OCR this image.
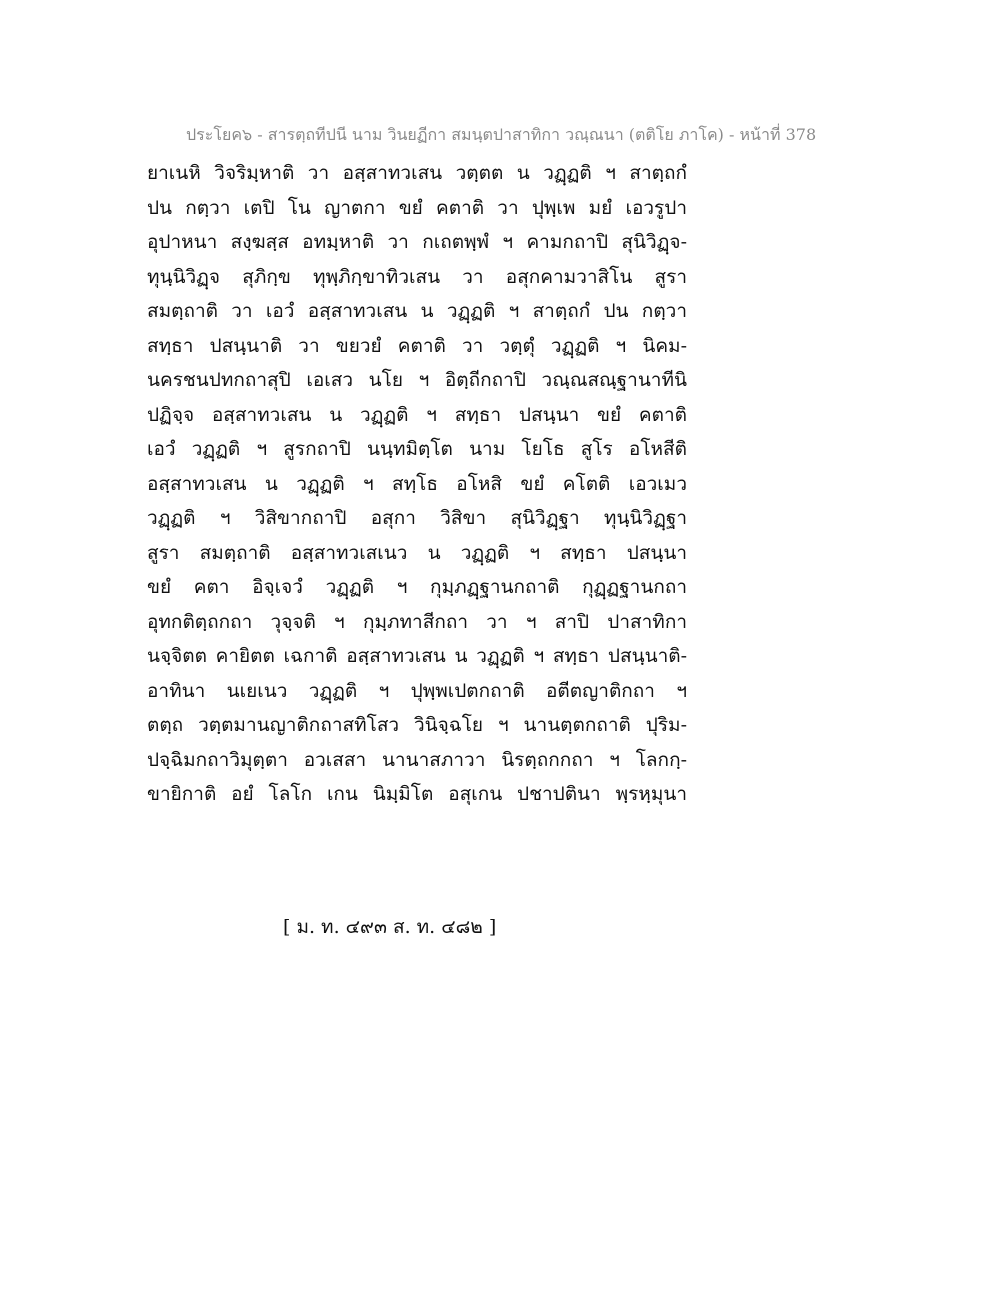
ประโยค๖ - สารตฺถทีปนี นาม วินยฏีกา สมนฺตปาสาทิกา วณฺณนา (ตติโย ภาโค) - หน้าที่ 378
ยาเนหิ วิจริมฺหาติ วา อสฺสาทวเสน วตฺตต น วฏฺฏติ ฯ สาตฺถกํ
ปน กตฺวา เตปิ โน ญาตกา ขยํ คตาติ วา ปุพฺเพ มยํ เอวรูปา
อุปาหนา สงฺฆสฺส อทมฺหาติ วา กเถตพฺพํ ฯ คามกถาปิ สุนิวิฏฺจ-
ทุนฺนิวิฏฺจ สุภิกฺข ทุพฺภิกฺขาทิวเสน วา อสุกคามวาสิโน สูรา
สมตฺถาติ วา เอวํ อสฺสาทวเสน น วฏฺฏติ ฯ สาตฺถกํ ปน กตฺวา
สทฺธา ปสนฺนาติ วา ขยวยํ คตาติ วา วตฺตุํ วฏฺฏติ ฯ นิคม-
นครชนปทกถาสุปิ เอเสว นโย ฯ อิตฺถีกถาปิ วณฺณสณฺฐานาทีนิ
ปฏิจฺจ อสฺสาทวเสน น วฏฺฏติ ฯ สทฺธา ปสนฺนา ขยํ คตาติ
เอวํ วฏฺฏติ ฯ สูรกถาปิ นนฺทมิตฺโต นาม โยโธ สูโร อโหสีติ
อสฺสาทวเสน น วฏฺฏติ ฯ สทฺโธ อโหสิ ขยํ คโตติ เอวเมว
วฏฺฏติ ฯ วิสิขากถาปิ อสุกา วิสิขา สุนิวิฏฺฐา ทุนฺนิวิฏฺฐา
สูรา สมตฺถาติ อสฺสาทวเสเนว น วฏฺฏติ ฯ สทฺธา ปสนฺนา
ขยํ คตา อิจฺเจวํ วฏฺฏติ ฯ กุมฺภฏฺฐานกถาติ กุฏฺฏฐานกถา
อุทกติตฺถกถา วุจฺจติ ฯ กุมฺภทาสีกถา วา ฯ สาปิ ปาสาทิกา
นจฺจิตต คายิตต เฉกาติ อสฺสาทวเสน น วฏฺฏติ ฯ สทฺธา ปสนฺนาติ-
อาทินา นเยเนว วฏฺฏติ ฯ ปุพฺพเปตกถาติ อตีตญาติกถา ฯ
ตตฺถ วตฺตมานญาติกถาสทิโสว วินิจฺฉโย ฯ นานตฺตกถาติ ปุริม-
ปจฺฉิมกถาวิมุตฺตา อวเสสา นานาสภาวา นิรตฺถกกถา ฯ โลกกฺ-
ขายิกาติ อยํ โลโก เกน นิมฺมิโต อสุเกน ปชาปตินา พฺรหฺมุนา
[ ม. ท. ๔๙๓ ส. ท. ๔๘๒ ]
